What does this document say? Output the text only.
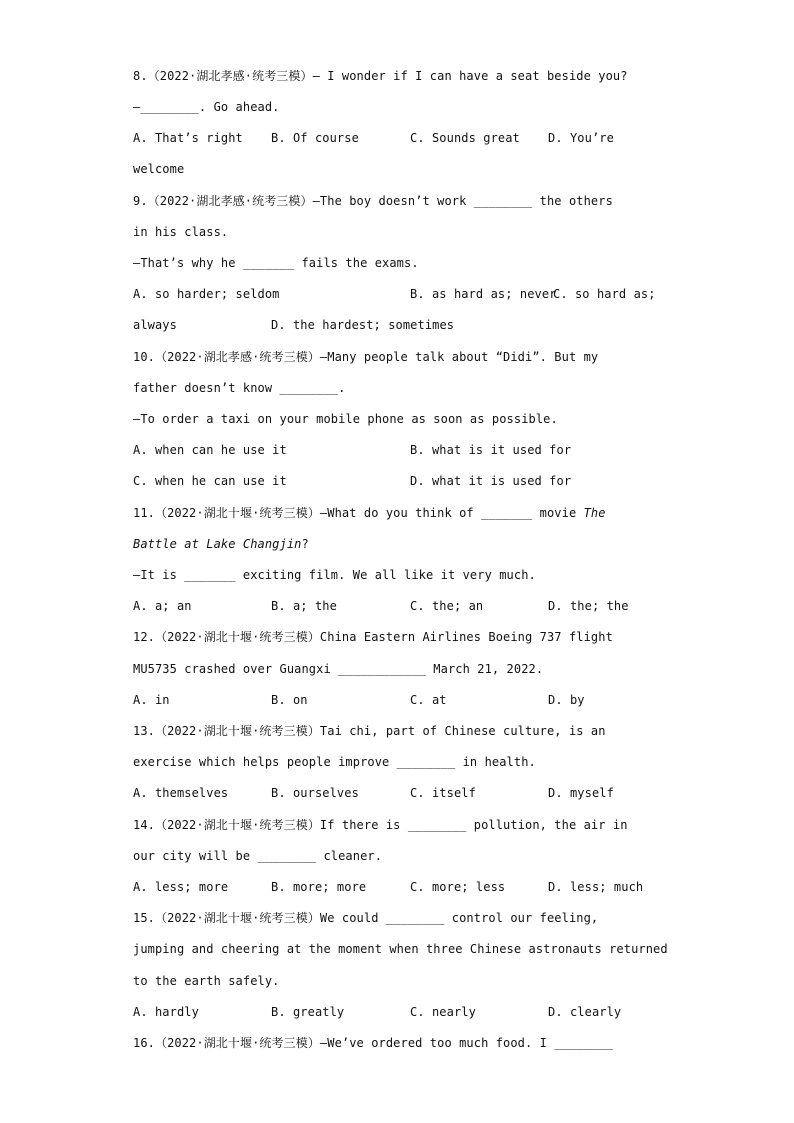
8.（2022·湖北孝感·统考三模）— I wonder if I can have a seat beside you?
—________. Go ahead.

A. That’s right

B. Of course

	C. Sounds great

D. You’re

welcome
9.（2022·湖北孝感·统考三模）—The boy doesn’t work ________ the others
in his class.
—That’s why he _______ fails the exams.

A. so harder; seldom

	B. as hard as; never

C. so hard as;

always

	D. the hardest; sometimes

10.（2022·湖北孝感·统考三模）—Many people talk about “Didi”. But my
father doesn’t know ________.
—To order a taxi on your mobile phone as soon as possible.

A. when can he use it

	B. what is it used for

C. when he can use it

	D. what it is used for

11.（2022·湖北十堰·统考三模）—What do you think of _______ movie The
Battle at Lake Changjin?
—It is _______ exciting film. We all like it very much.

A. a; an

	B. a; the

	C. the; an

	D. the; the

12.（2022·湖北十堰·统考三模）China Eastern Airlines Boeing 737 flight
MU5735 crashed over Guangxi ____________ March 21, 2022.

A. in

	B. on

	C. at

	D. by

13.（2022·湖北十堰·统考三模）Tai chi, part of Chinese culture, is an
exercise which helps people improve ________ in health.

A. themselves

	B. ourselves

	C. itself

	D. myself

14.（2022·湖北十堰·统考三模）If there is ________ pollution, the air in
our city will be ________ cleaner.

A. less; more

	B. more; more

	C. more; less

	D. less; much

15.（2022·湖北十堰·统考三模）We could ________ control our feeling,
jumping and cheering at the moment when three Chinese astronauts returned
to the earth safely.

A. hardly

	B. greatly

	C. nearly

	D. clearly

16.（2022·湖北十堰·统考三模）—We’ve ordered too much food. I ________
